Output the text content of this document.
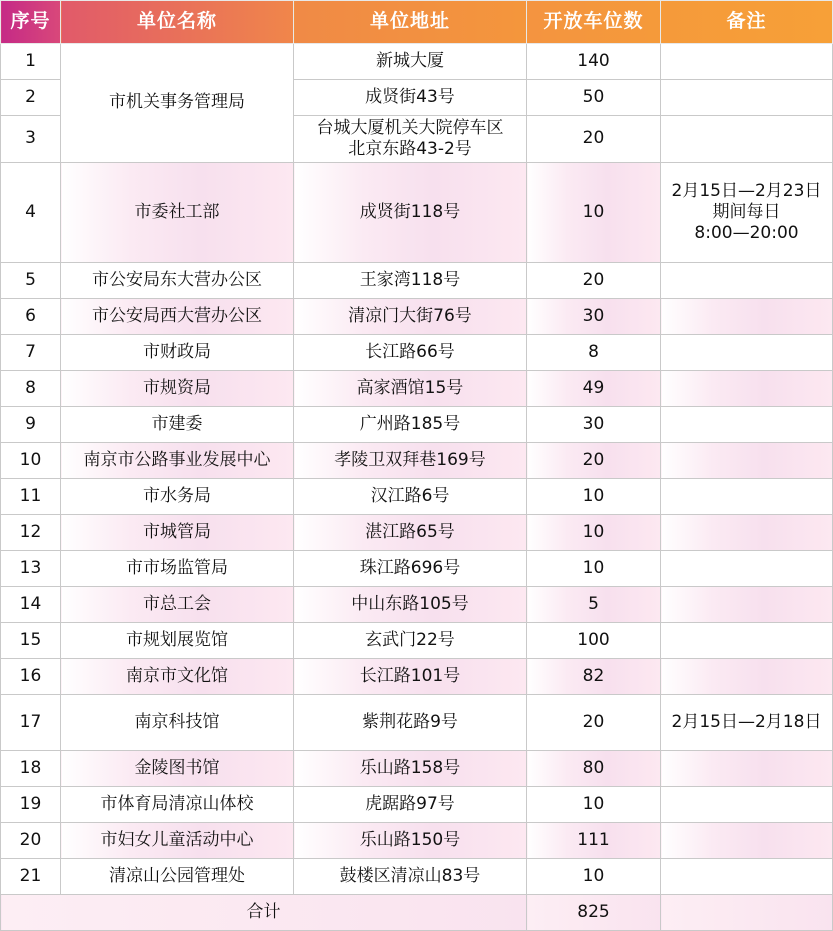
序号	单位名称	单位地址	开放车位数	备注
1	市机关事务管理局	新城大厦	140	
2		成贤街43号	50	
3		台城大厦机关大院停车区
北京东路43-2号	20	
4	市委社工部	成贤街118号	10	2月15日—2月23日
期间每日
8:00—20:00

5	市公安局东大营办公区	王家湾118号	20	
6	市公安局西大营办公区	清凉门大街76号	30	
7	市财政局	长江路66号	8	
8	市规资局	高家酒馆15号	49	
9	市建委	广州路185号	30	
10	南京市公路事业发展中心	孝陵卫双拜巷169号	20	
11	市水务局	汉江路6号	10	
12	市城管局	湛江路65号	10	
13	市市场监管局	珠江路696号	10	
14	市总工会	中山东路105号	5	
15	市规划展览馆	玄武门22号	100	
16	南京市文化馆	长江路101号	82	
17	南京科技馆	紫荆花路9号	20	2月15日—2月18日
18	金陵图书馆	乐山路158号	80	
19	市体育局清凉山体校	虎踞路97号	10	
20	市妇女儿童活动中心	乐山路150号	111	
21	清凉山公园管理处	鼓楼区清凉山83号	10	
合计			825	
